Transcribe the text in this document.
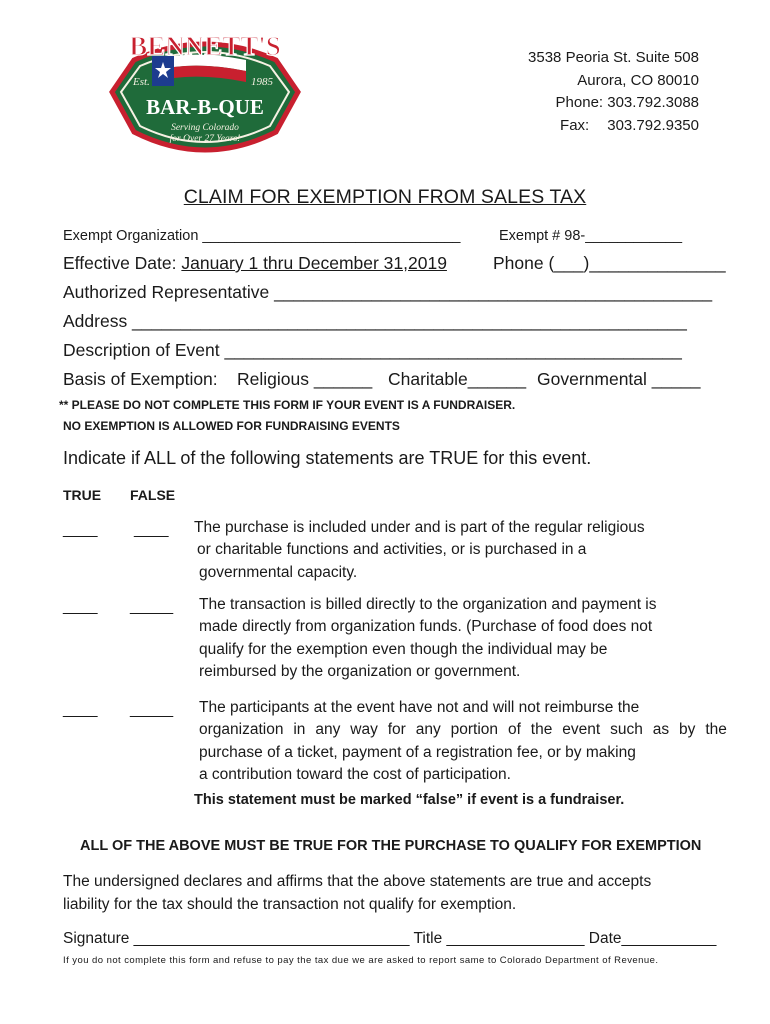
BENNETT'S
Est.	1985
BAR-B-QUE
Serving Colorado
for Over 27 Years!
3538 Peoria St. Suite 508
Aurora, CO 80010
Phone: 303.792.3088
Fax: 303.792.9350
CLAIM FOR EXEMPTION FROM SALES TAX
Exempt Organization ________________________________	Exempt # 98-____________
Effective Date: January 1 thru December 31,2019	Phone (___)______________
Authorized Representative _____________________________________________
Address _________________________________________________________
Description of Event _______________________________________________
Basis of Exemption: Religious ______ Charitable______ Governmental _____
** PLEASE DO NOT COMPLETE THIS FORM IF YOUR EVENT IS A FUNDRAISER.
NO EXEMPTION IS ALLOWED FOR FUNDRAISING EVENTS
Indicate if ALL of the following statements are TRUE for this event.
TRUE FALSE
____ ____ The purchase is included under and is part of the regular religious
or charitable functions and activities, or is purchased in a
governmental capacity.
____ _____ The transaction is billed directly to the organization and payment is
made directly from organization funds. (Purchase of food does not
qualify for the exemption even though the individual may be
reimbursed by the organization or government.
____ _____ The participants at the event have not and will not reimburse the
organization in any way for any portion of the event such as by the
purchase of a ticket, payment of a registration fee, or by making
a contribution toward the cost of participation.
This statement must be marked “false” if event is a fundraiser.
ALL OF THE ABOVE MUST BE TRUE FOR THE PURCHASE TO QUALIFY FOR EXEMPTION
The undersigned declares and affirms that the above statements are true and accepts
liability for the tax should the transaction not qualify for exemption.
Signature ________________________________ Title ________________ Date___________
If you do not complete this form and refuse to pay the tax due we are asked to report same to Colorado Department of Revenue.
